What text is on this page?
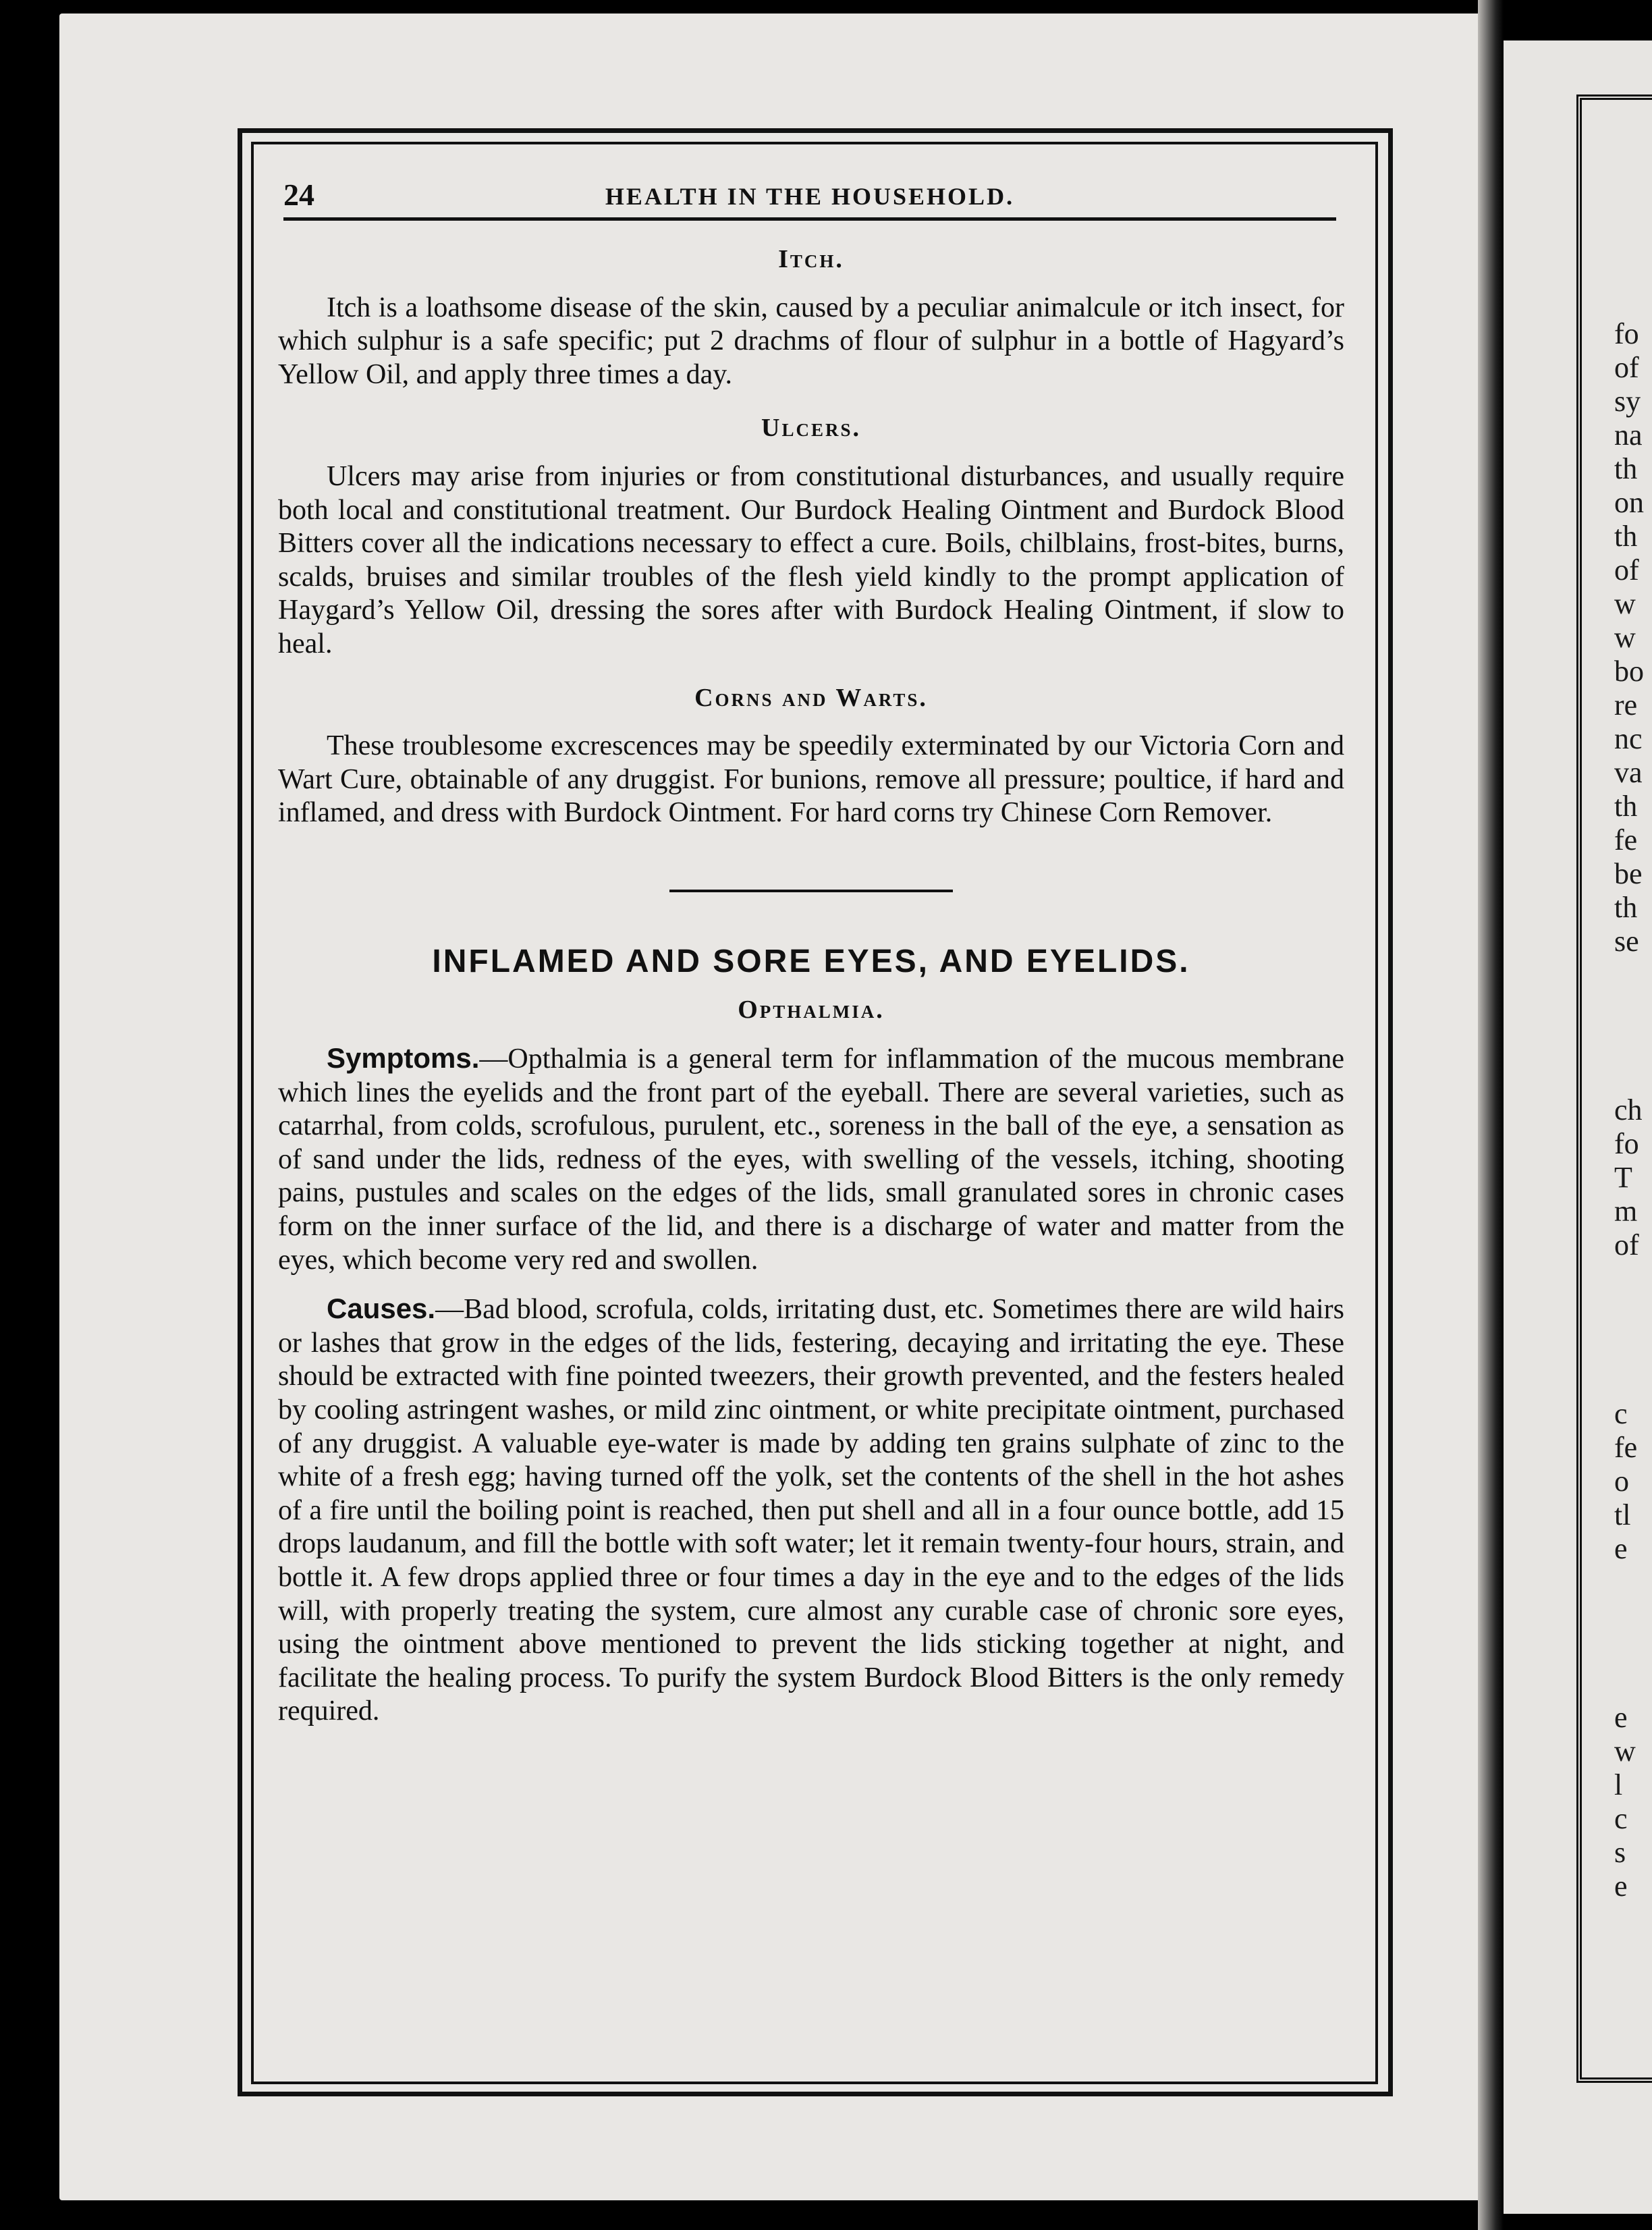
fo
of
sy
na
th
on
th
of
w
w
bo
re
nc
va
th
fe
be
th
se
ch
fo
T
m
of
c
fe
o
tl
e
e
w
l
c
s
e
24	HEALTH IN THE HOUSEHOLD.
Itch.

Itch is a loathsome disease of the skin, caused by a peculiar animalcule or itch insect, for which sulphur is a safe specific; put 2 drachms of flour of sulphur in a bottle of Hagyard’s Yellow Oil, and apply three times a day.

Ulcers.

Ulcers may arise from injuries or from constitutional disturbances, and usually require both local and constitutional treatment. Our Burdock Healing Ointment and Burdock Blood Bitters cover all the indications necessary to effect a cure. Boils, chilblains, frost-bites, burns, scalds, bruises and similar troubles of the flesh yield kindly to the prompt application of Haygard’s Yellow Oil, dressing the sores after with Burdock Healing Ointment, if slow to heal.

Corns and Warts.

These troublesome excrescences may be speedily exterminated by our Victoria Corn and Wart Cure, obtainable of any druggist. For bunions, remove all pressure; poultice, if hard and inflamed, and dress with Burdock Ointment. For hard corns try Chinese Corn Remover.

INFLAMED AND SORE EYES, AND EYELIDS.
Opthalmia.

Symptoms.—Opthalmia is a general term for inflammation of the mucous membrane which lines the eyelids and the front part of the eyeball. There are several varieties, such as catarrhal, from colds, scrofulous, purulent, etc., soreness in the ball of the eye, a sensation as of sand under the lids, redness of the eyes, with swelling of the vessels, itching, shooting pains, pustules and scales on the edges of the lids, small granulated sores in chronic cases form on the inner surface of the lid, and there is a discharge of water and matter from the eyes, which become very red and swollen.

Causes.—Bad blood, scrofula, colds, irritating dust, etc. Sometimes there are wild hairs or lashes that grow in the edges of the lids, festering, decaying and irritating the eye. These should be extracted with fine pointed tweezers, their growth prevented, and the festers healed by cooling astringent washes, or mild zinc ointment, or white precipitate ointment, purchased of any druggist. A valuable eye-water is made by adding ten grains sulphate of zinc to the white of a fresh egg; having turned off the yolk, set the contents of the shell in the hot ashes of a fire until the boiling point is reached, then put shell and all in a four ounce bottle, add 15 drops laudanum, and fill the bottle with soft water; let it remain twenty-four hours, strain, and bottle it. A few drops applied three or four times a day in the eye and to the edges of the lids will, with properly treating the system, cure almost any curable case of chronic sore eyes, using the ointment above mentioned to prevent the lids sticking together at night, and facilitate the healing process. To purify the system Burdock Blood Bitters is the only remedy required.
